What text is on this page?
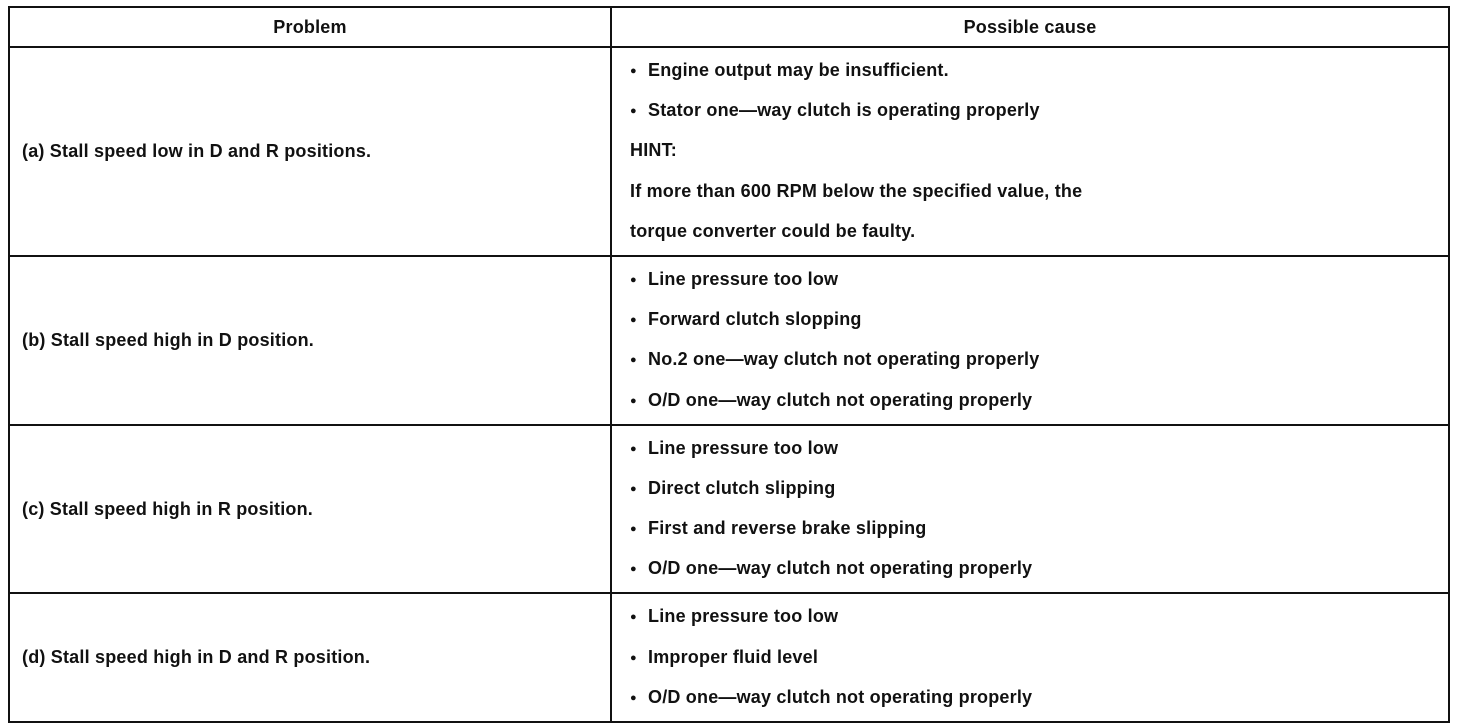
Problem	Possible cause
(a) Stall speed low in D and R positions.	● Engine output may be insufficient.
● Stator one—way clutch is operating properly
HINT:
If more than 600 RPM below the specified value, the
torque converter could be faulty.

(b) Stall speed high in D position.	● Line pressure too low
● Forward clutch slopping
● No.2 one—way clutch not operating properly
● O/D one—way clutch not operating properly

(c) Stall speed high in R position.	● Line pressure too low
● Direct clutch slipping
● First and reverse brake slipping
● O/D one—way clutch not operating properly

(d) Stall speed high in D and R position.	● Line pressure too low
● Improper fluid level
● O/D one—way clutch not operating properly
